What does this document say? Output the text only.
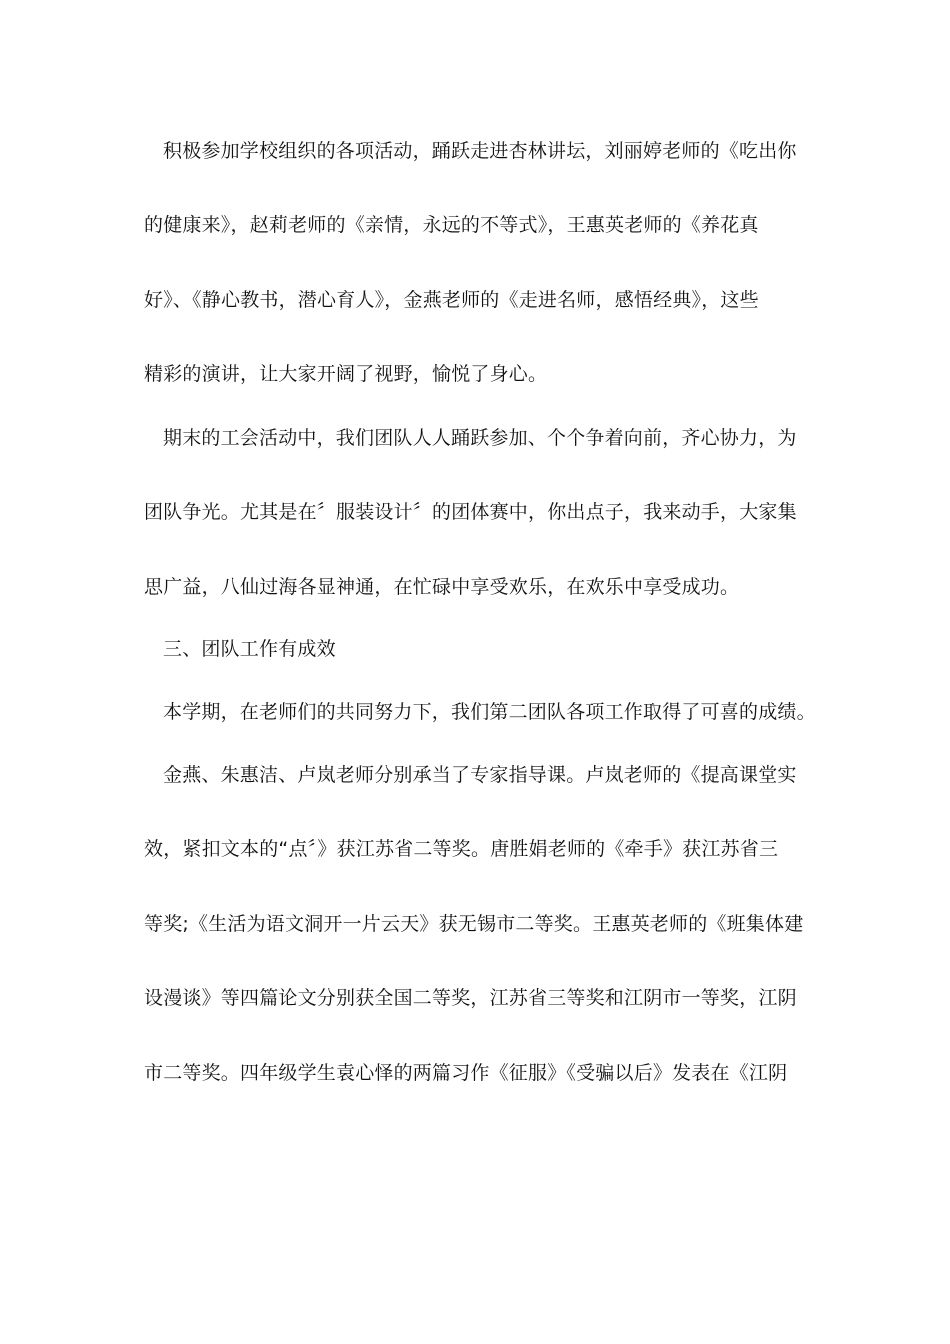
积极参加学校组织的各项活动，踊跃走进杏林讲坛，刘丽婷老师的《吃出你
的健康来》，赵莉老师的《亲情，永远的不等式》，王惠英老师的《养花真
好》、《静心教书，潜心育人》，金燕老师的《走进名师，感悟经典》，这些
精彩的演讲，让大家开阔了视野，愉悦了身心。
期末的工会活动中，我们团队人人踊跃参加、个个争着向前，齐心协力，为
团队争光。尤其是在〞服装设计〞的团体赛中，你出点子，我来动手，大家集
思广益，八仙过海各显神通，在忙碌中享受欢乐，在欢乐中享受成功。
三、团队工作有成效
本学期，在老师们的共同努力下，我们第二团队各项工作取得了可喜的成绩。
金燕、朱惠洁、卢岚老师分别承当了专家指导课。卢岚老师的《提高课堂实
效，紧扣文本的“点〞》获江苏省二等奖。唐胜娟老师的《牵手》获江苏省三
等奖;《生活为语文洞开一片云天》获无锡市二等奖。王惠英老师的《班集体建
设漫谈》等四篇论文分别获全国二等奖，江苏省三等奖和江阴市一等奖，江阴
市二等奖。四年级学生袁心怿的两篇习作《征服》《受骗以后》发表在《江阴
